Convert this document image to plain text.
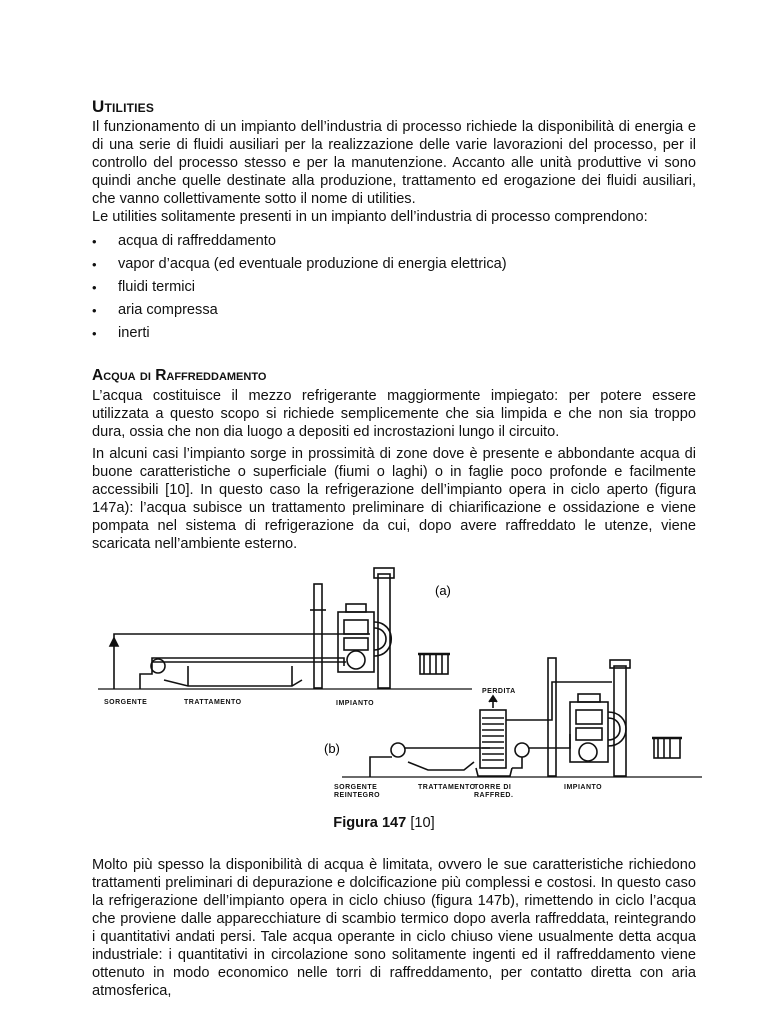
Utilities

Il funzionamento di un impianto dell’industria di processo richiede la disponibilità di energia e di una serie di fluidi ausiliari per la realizzazione delle varie lavorazioni del processo, per il controllo del processo stesso e per la manutenzione. Accanto alle unità produttive vi sono quindi anche quelle destinate alla produzione, trattamento ed erogazione dei fluidi ausiliari, che vanno collettivamente sotto il nome di utilities.

Le utilities solitamente presenti in un impianto dell’industria di processo comprendono:

• acqua di raffreddamento
• vapor d’acqua (ed eventuale produzione di energia elettrica)
• fluidi termici
• aria compressa
• inerti
Acqua di Raffreddamento

L’acqua costituisce il mezzo refrigerante maggiormente impiegato: per potere essere utilizzata a questo scopo si richiede semplicemente che sia limpida e che non sia troppo dura, ossia che non dia luogo a depositi ed incrostazioni lungo il circuito.

In alcuni casi l’impianto sorge in prossimità di zone dove è presente e abbondante acqua di buone caratteristiche o superficiale (fiumi o laghi) o in faglie poco profonde e facilmente accessibili [10]. In questo caso la refrigerazione dell’impianto opera in ciclo aperto (figura 147a): l’acqua subisce un trattamento preliminare di chiarificazione e ossidazione e viene pompata nel sistema di refrigerazione da cui, dopo avere raffreddato le utenze, viene scaricata nell’ambiente esterno.

(a)
(b)
SORGENTE	TRATTAMENTO	IMPIANTO
PERDITA
SORGENTE
REINTEGRO
TRATTAMENTO
TORRE DI
RAFFRED.
IMPIANTO
Figura 147 [10]

Molto più spesso la disponibilità di acqua è limitata, ovvero le sue caratteristiche richiedono trattamenti preliminari di depurazione e dolcificazione più complessi e costosi. In questo caso la refrigerazione dell’impianto opera in ciclo chiuso (figura 147b), rimettendo in ciclo l’acqua che proviene dalle apparecchiature di scambio termico dopo averla raffreddata, reintegrando i quantitativi andati persi. Tale acqua operante in ciclo chiuso viene usualmente detta acqua industriale: i quantitativi in circolazione sono solitamente ingenti ed il raffreddamento viene ottenuto in modo economico nelle torri di raffreddamento, per contatto diretta con aria atmosferica,
